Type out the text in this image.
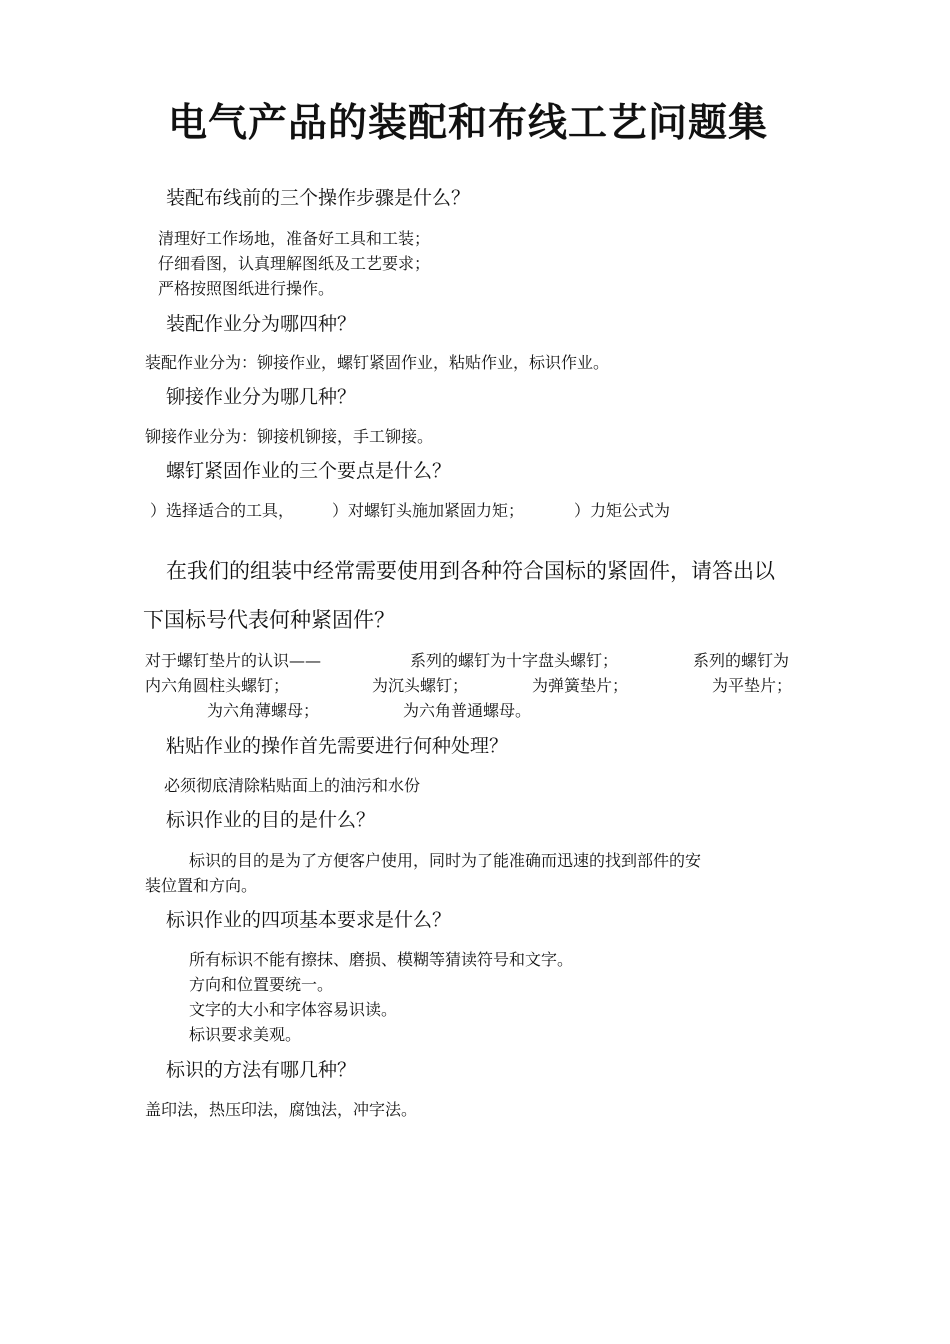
电气产品的装配和布线工艺问题集
装配布线前的三个操作步骤是什么？
清理好工作场地，准备好工具和工装；
仔细看图，认真理解图纸及工艺要求；
严格按照图纸进行操作。
装配作业分为哪四种？
装配作业分为：铆接作业，螺钉紧固作业，粘贴作业，标识作业。
铆接作业分为哪几种？
铆接作业分为：铆接机铆接，手工铆接。
螺钉紧固作业的三个要点是什么？
）选择适合的工具， ）对螺钉头施加紧固力矩；	）力矩公式为
在我们的组装中经常需要使用到各种符合国标的紧固件，请答出以
下国标号代表何种紧固件？
对于螺钉垫片的认识——	系列的螺钉为十字盘头螺钉；	系列的螺钉为
内六角圆柱头螺钉；	为沉头螺钉；	为弹簧垫片；	为平垫片；
为六角薄螺母；	为六角普通螺母。
粘贴作业的操作首先需要进行何种处理？
必须彻底清除粘贴面上的油污和水份
标识作业的目的是什么？
标识的目的是为了方便客户使用，同时为了能准确而迅速的找到部件的安
装位置和方向。
标识作业的四项基本要求是什么？
所有标识不能有擦抹、磨损、模糊等猜读符号和文字。
方向和位置要统一。
文字的大小和字体容易识读。
标识要求美观。
标识的方法有哪几种？
盖印法，热压印法，腐蚀法，冲字法。
